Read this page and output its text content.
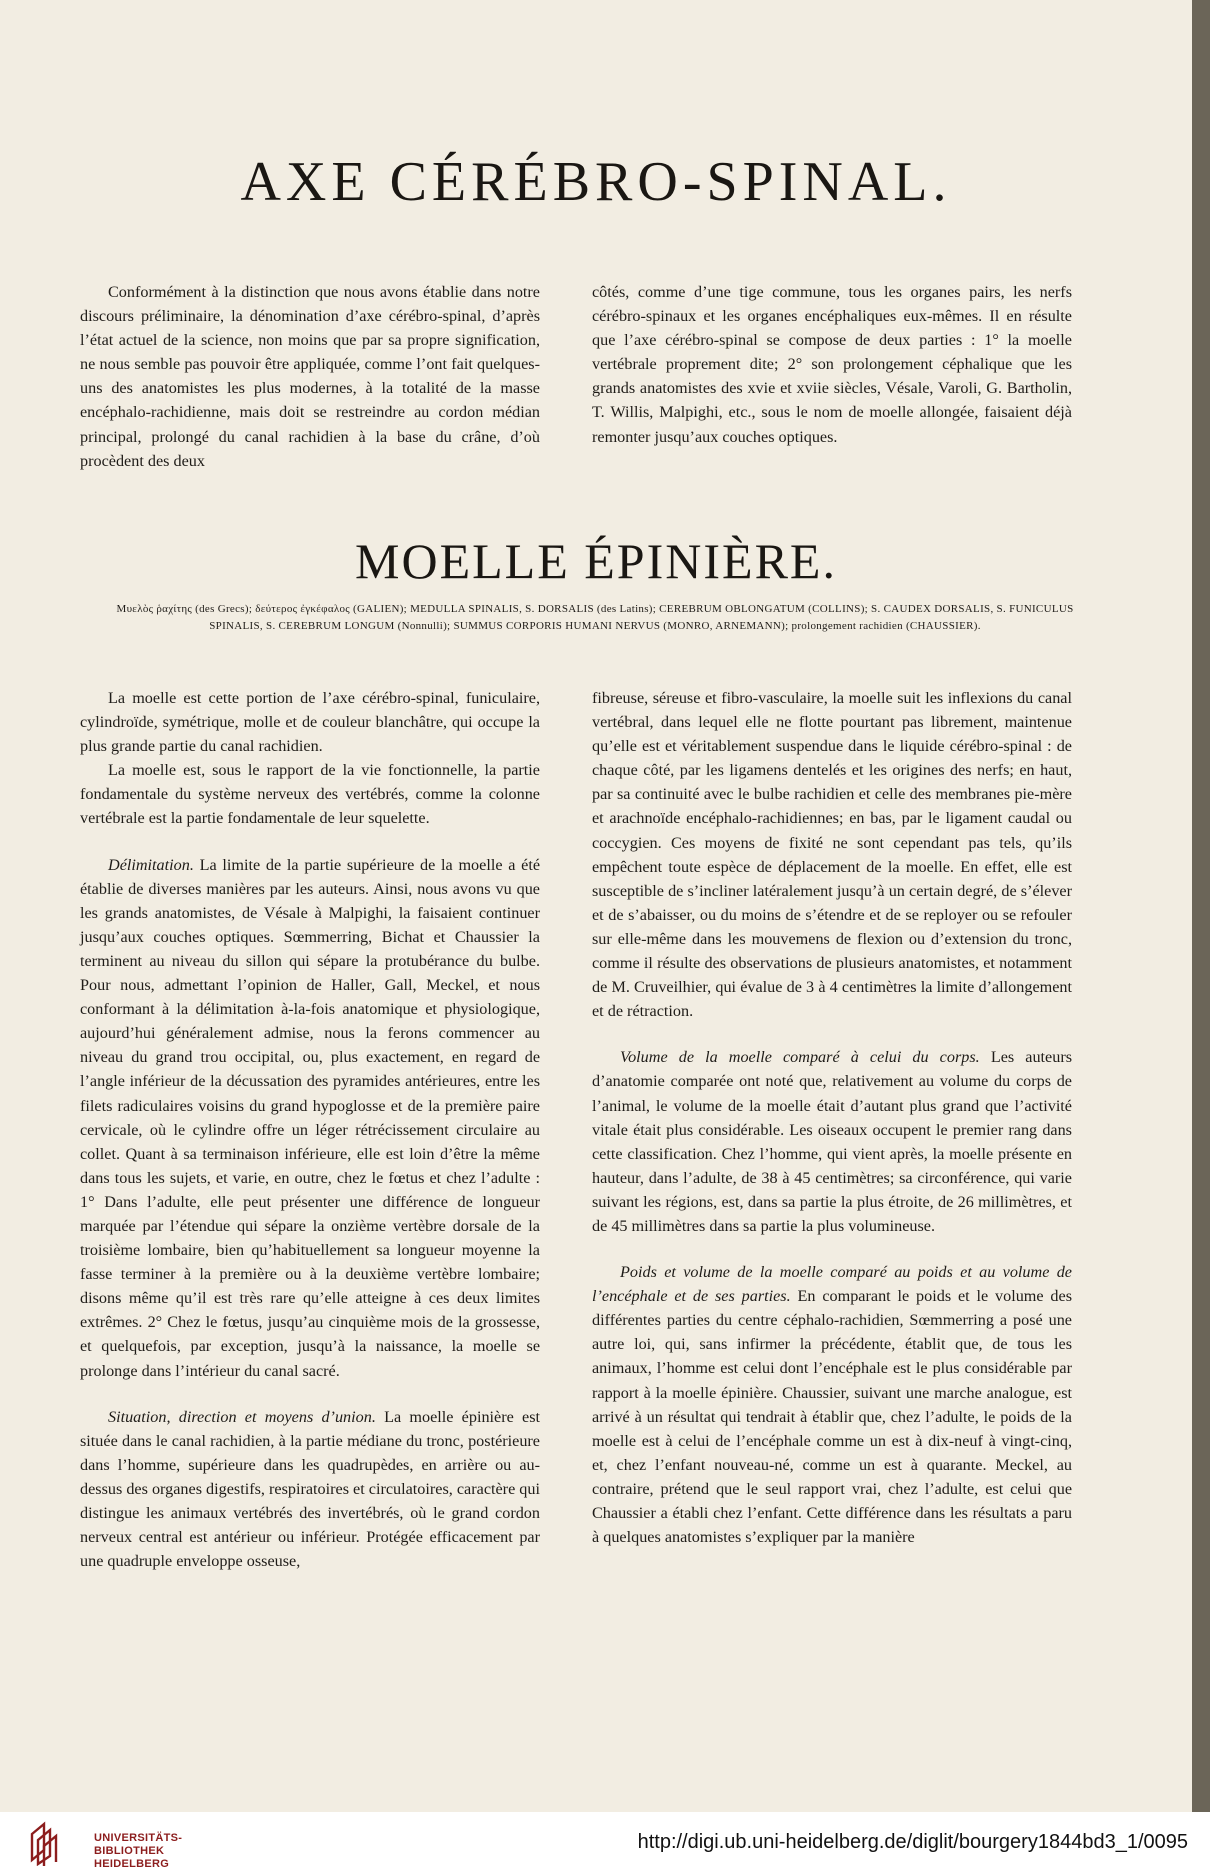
AXE CÉRÉBRO-SPINAL.

Conformément à la distinction que nous avons établie dans notre discours préliminaire, la dénomination d’axe cérébro-spinal, d’après l’état actuel de la science, non moins que par sa propre signification, ne nous semble pas pouvoir être appliquée, comme l’ont fait quelques-uns des anatomistes les plus modernes, à la totalité de la masse encéphalo-rachidienne, mais doit se restreindre au cordon médian principal, prolongé du canal rachidien à la base du crâne, d’où procèdent des deux

côtés, comme d’une tige commune, tous les organes pairs, les nerfs cérébro-spinaux et les organes encéphaliques eux-mêmes. Il en résulte que l’axe cérébro-spinal se compose de deux parties : 1° la moelle vertébrale proprement dite; 2° son prolongement céphalique que les grands anatomistes des xvie et xviie siècles, Vésale, Varoli, G. Bartholin, T. Willis, Malpighi, etc., sous le nom de moelle allongée, faisaient déjà remonter jusqu’aux couches optiques.

MOELLE ÉPINIÈRE.
Μυελὸς ῥαχίτης (des Grecs); δεύτερος ἐγκέφαλος (GALIEN); MEDULLA SPINALIS, S. DORSALIS (des Latins); CEREBRUM OBLONGATUM (COLLINS); S. CAUDEX DORSALIS, S. FUNICULUS SPINALIS, S. CEREBRUM LONGUM (Nonnulli); SUMMUS CORPORIS HUMANI NERVUS (MONRO, ARNEMANN); prolongement rachidien (CHAUSSIER).

La moelle est cette portion de l’axe cérébro-spinal, funiculaire, cylindroïde, symétrique, molle et de couleur blanchâtre, qui occupe la plus grande partie du canal rachidien.

La moelle est, sous le rapport de la vie fonctionnelle, la partie fondamentale du système nerveux des vertébrés, comme la colonne vertébrale est la partie fondamentale de leur squelette.

Délimitation. La limite de la partie supérieure de la moelle a été établie de diverses manières par les auteurs. Ainsi, nous avons vu que les grands anatomistes, de Vésale à Malpighi, la faisaient continuer jusqu’aux couches optiques. Sœmmerring, Bichat et Chaussier la terminent au niveau du sillon qui sépare la protubérance du bulbe. Pour nous, admettant l’opinion de Haller, Gall, Meckel, et nous conformant à la délimitation à-la-fois anatomique et physiologique, aujourd’hui généralement admise, nous la ferons commencer au niveau du grand trou occipital, ou, plus exactement, en regard de l’angle inférieur de la décussation des pyramides antérieures, entre les filets radiculaires voisins du grand hypoglosse et de la première paire cervicale, où le cylindre offre un léger rétrécissement circulaire au collet. Quant à sa terminaison inférieure, elle est loin d’être la même dans tous les sujets, et varie, en outre, chez le fœtus et chez l’adulte : 1° Dans l’adulte, elle peut présenter une différence de longueur marquée par l’étendue qui sépare la onzième vertèbre dorsale de la troisième lombaire, bien qu’habituellement sa longueur moyenne la fasse terminer à la première ou à la deuxième vertèbre lombaire; disons même qu’il est très rare qu’elle atteigne à ces deux limites extrêmes. 2° Chez le fœtus, jusqu’au cinquième mois de la grossesse, et quelquefois, par exception, jusqu’à la naissance, la moelle se prolonge dans l’intérieur du canal sacré.

Situation, direction et moyens d’union. La moelle épinière est située dans le canal rachidien, à la partie médiane du tronc, postérieure dans l’homme, supérieure dans les quadrupèdes, en arrière ou au-dessus des organes digestifs, respiratoires et circulatoires, caractère qui distingue les animaux vertébrés des invertébrés, où le grand cordon nerveux central est antérieur ou inférieur. Protégée efficacement par une quadruple enveloppe osseuse,

fibreuse, séreuse et fibro-vasculaire, la moelle suit les inflexions du canal vertébral, dans lequel elle ne flotte pourtant pas librement, maintenue qu’elle est et véritablement suspendue dans le liquide cérébro-spinal : de chaque côté, par les ligamens dentelés et les origines des nerfs; en haut, par sa continuité avec le bulbe rachidien et celle des membranes pie-mère et arachnoïde encéphalo-rachidiennes; en bas, par le ligament caudal ou coccygien. Ces moyens de fixité ne sont cependant pas tels, qu’ils empêchent toute espèce de déplacement de la moelle. En effet, elle est susceptible de s’incliner latéralement jusqu’à un certain degré, de s’élever et de s’abaisser, ou du moins de s’étendre et de se reployer ou se refouler sur elle-même dans les mouvemens de flexion ou d’extension du tronc, comme il résulte des observations de plusieurs anatomistes, et notamment de M. Cruveilhier, qui évalue de 3 à 4 centimètres la limite d’allongement et de rétraction.

Volume de la moelle comparé à celui du corps. Les auteurs d’anatomie comparée ont noté que, relativement au volume du corps de l’animal, le volume de la moelle était d’autant plus grand que l’activité vitale était plus considérable. Les oiseaux occupent le premier rang dans cette classification. Chez l’homme, qui vient après, la moelle présente en hauteur, dans l’adulte, de 38 à 45 centimètres; sa circonférence, qui varie suivant les régions, est, dans sa partie la plus étroite, de 26 millimètres, et de 45 millimètres dans sa partie la plus volumineuse.

Poids et volume de la moelle comparé au poids et au volume de l’encéphale et de ses parties. En comparant le poids et le volume des différentes parties du centre céphalo-rachidien, Sœmmerring a posé une autre loi, qui, sans infirmer la précédente, établit que, de tous les animaux, l’homme est celui dont l’encéphale est le plus considérable par rapport à la moelle épinière. Chaussier, suivant une marche analogue, est arrivé à un résultat qui tendrait à établir que, chez l’adulte, le poids de la moelle est à celui de l’encéphale comme un est à dix-neuf à vingt-cinq, et, chez l’enfant nouveau-né, comme un est à quarante. Meckel, au contraire, prétend que le seul rapport vrai, chez l’adulte, est celui que Chaussier a établi chez l’enfant. Cette différence dans les résultats a paru à quelques anatomistes s’expliquer par la manière

UNIVERSITÄTS-
BIBLIOTHEK
HEIDELBERG
http://digi.ub.uni-heidelberg.de/diglit/bourgery1844bd3_1/0095
